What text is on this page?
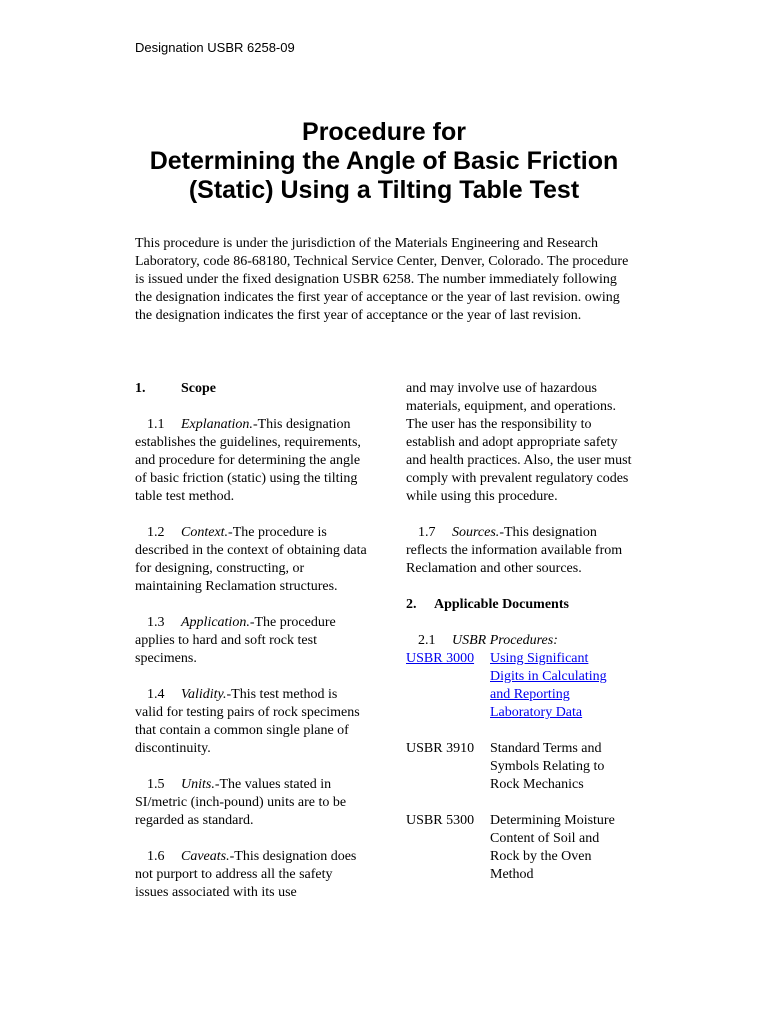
Designation USBR 6258-09
Procedure for
Determining the Angle of Basic Friction
(Static) Using a Tilting Table Test

This procedure is under the jurisdiction of the Materials Engineering and Research Laboratory, code 86-68180, Technical Service Center, Denver, Colorado. The procedure is issued under the fixed designation USBR 6258. The number immediately following the designation indicates the first year of acceptance or the year of last revision. owing the designation indicates the first year of acceptance or the year of last revision.

1.	Scope

1.1 Explanation.-This designation establishes the guidelines, requirements, and procedure for determining the angle of basic friction (static) using the tilting table test method.

1.2 Context.-The procedure is described in the context of obtaining data for designing, constructing, or maintaining Reclamation structures.

1.3 Application.-The procedure applies to hard and soft rock test specimens.

1.4 Validity.-This test method is valid for testing pairs of rock specimens that contain a common single plane of discontinuity.

1.5 Units.-The values stated in SI/metric (inch-pound) units are to be regarded as standard.

1.6 Caveats.-This designation does not purport to address all the safety issues associated with its use

and may involve use of hazardous materials, equipment, and operations. The user has the responsibility to establish and adopt appropriate safety and health practices. Also, the user must comply with prevalent regulatory codes while using this procedure.

1.7 Sources.-This designation reflects the information available from Reclamation and other sources.

2. Applicable Documents

2.1 USBR Procedures:

USBR 3000	Using Significant Digits in Calculating and Reporting Laboratory Data
USBR 3910	Standard Terms and Symbols Relating to Rock Mechanics
USBR 5300	Determining Moisture Content of Soil and Rock by the Oven Method
